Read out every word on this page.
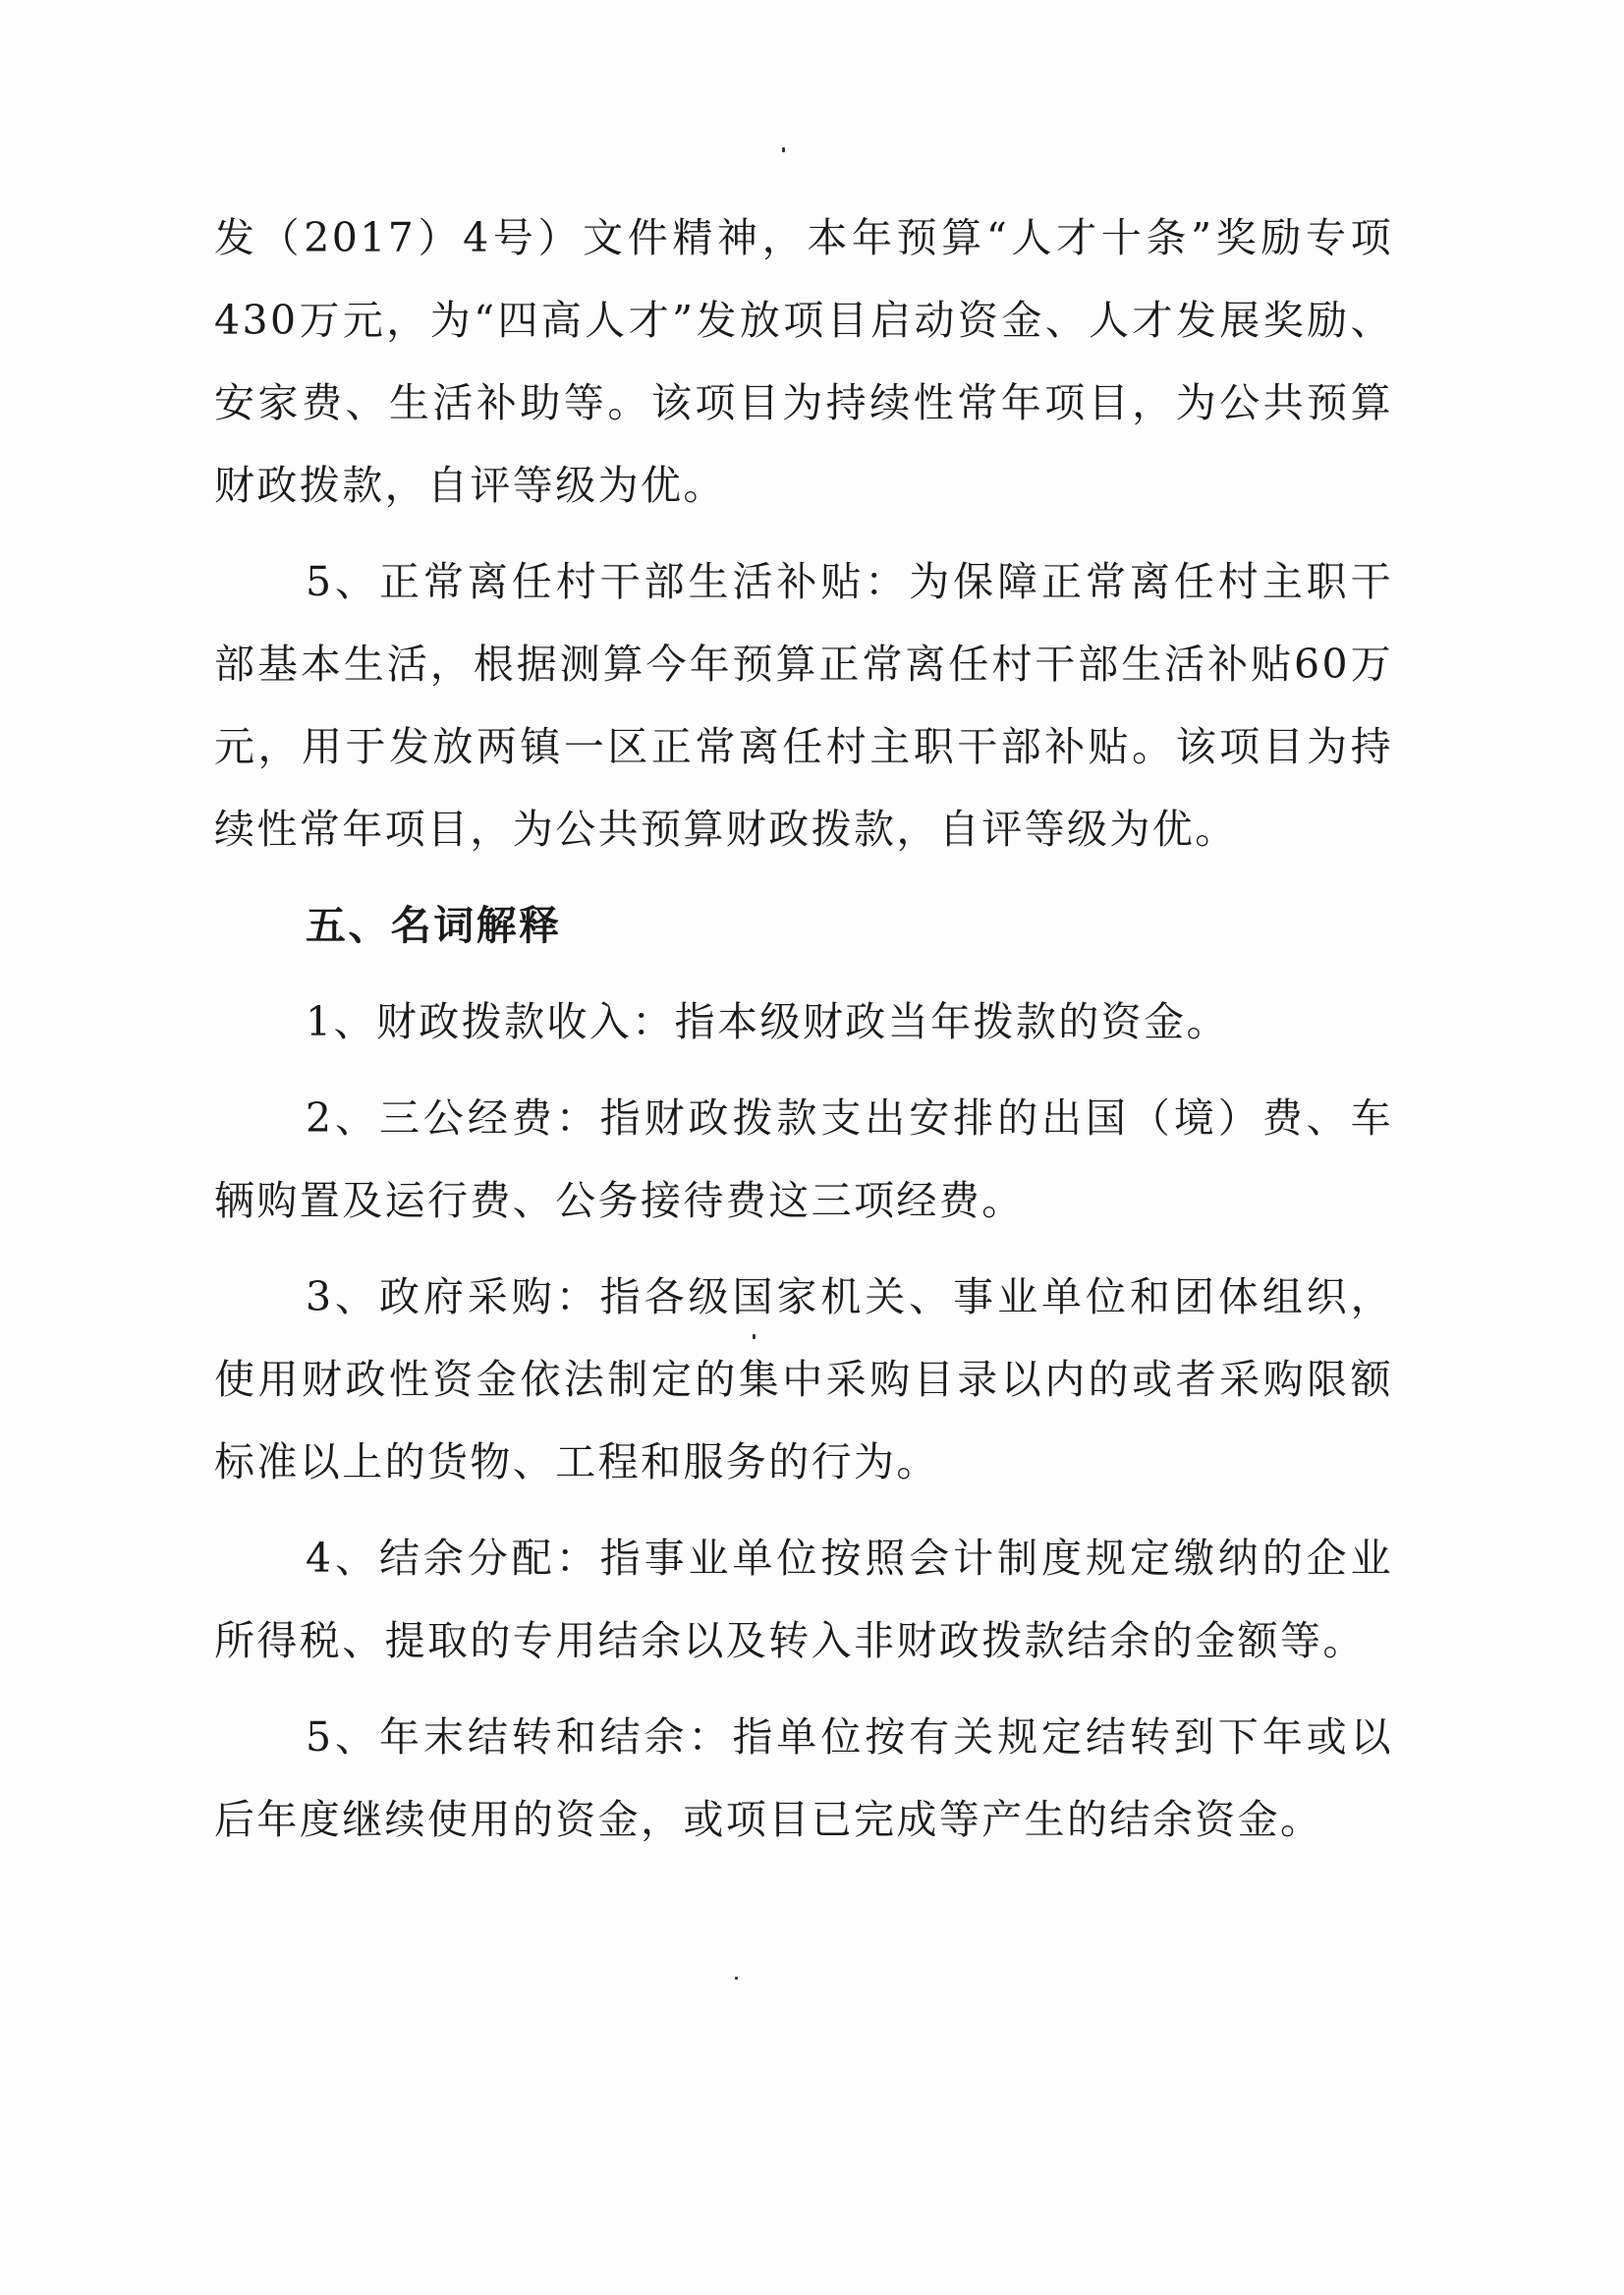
发（2017）4号）文件精神，本年预算“人才十条”奖励专项430万元，为“四高人才”发放项目启动资金、人才发展奖励、安家费、生活补助等。该项目为持续性常年项目，为公共预算财政拨款，自评等级为优。

5、正常离任村干部生活补贴：为保障正常离任村主职干部基本生活，根据测算今年预算正常离任村干部生活补贴60万元，用于发放两镇一区正常离任村主职干部补贴。该项目为持续性常年项目，为公共预算财政拨款，自评等级为优。

五、名词解释

1、财政拨款收入：指本级财政当年拨款的资金。

2、三公经费：指财政拨款支出安排的出国（境）费、车辆购置及运行费、公务接待费这三项经费。

3、政府采购：指各级国家机关、事业单位和团体组织，使用财政性资金依法制定的集中采购目录以内的或者采购限额标准以上的货物、工程和服务的行为。

4、结余分配：指事业单位按照会计制度规定缴纳的企业所得税、提取的专用结余以及转入非财政拨款结余的金额等。

5、年末结转和结余：指单位按有关规定结转到下年或以后年度继续使用的资金，或项目已完成等产生的结余资金。
